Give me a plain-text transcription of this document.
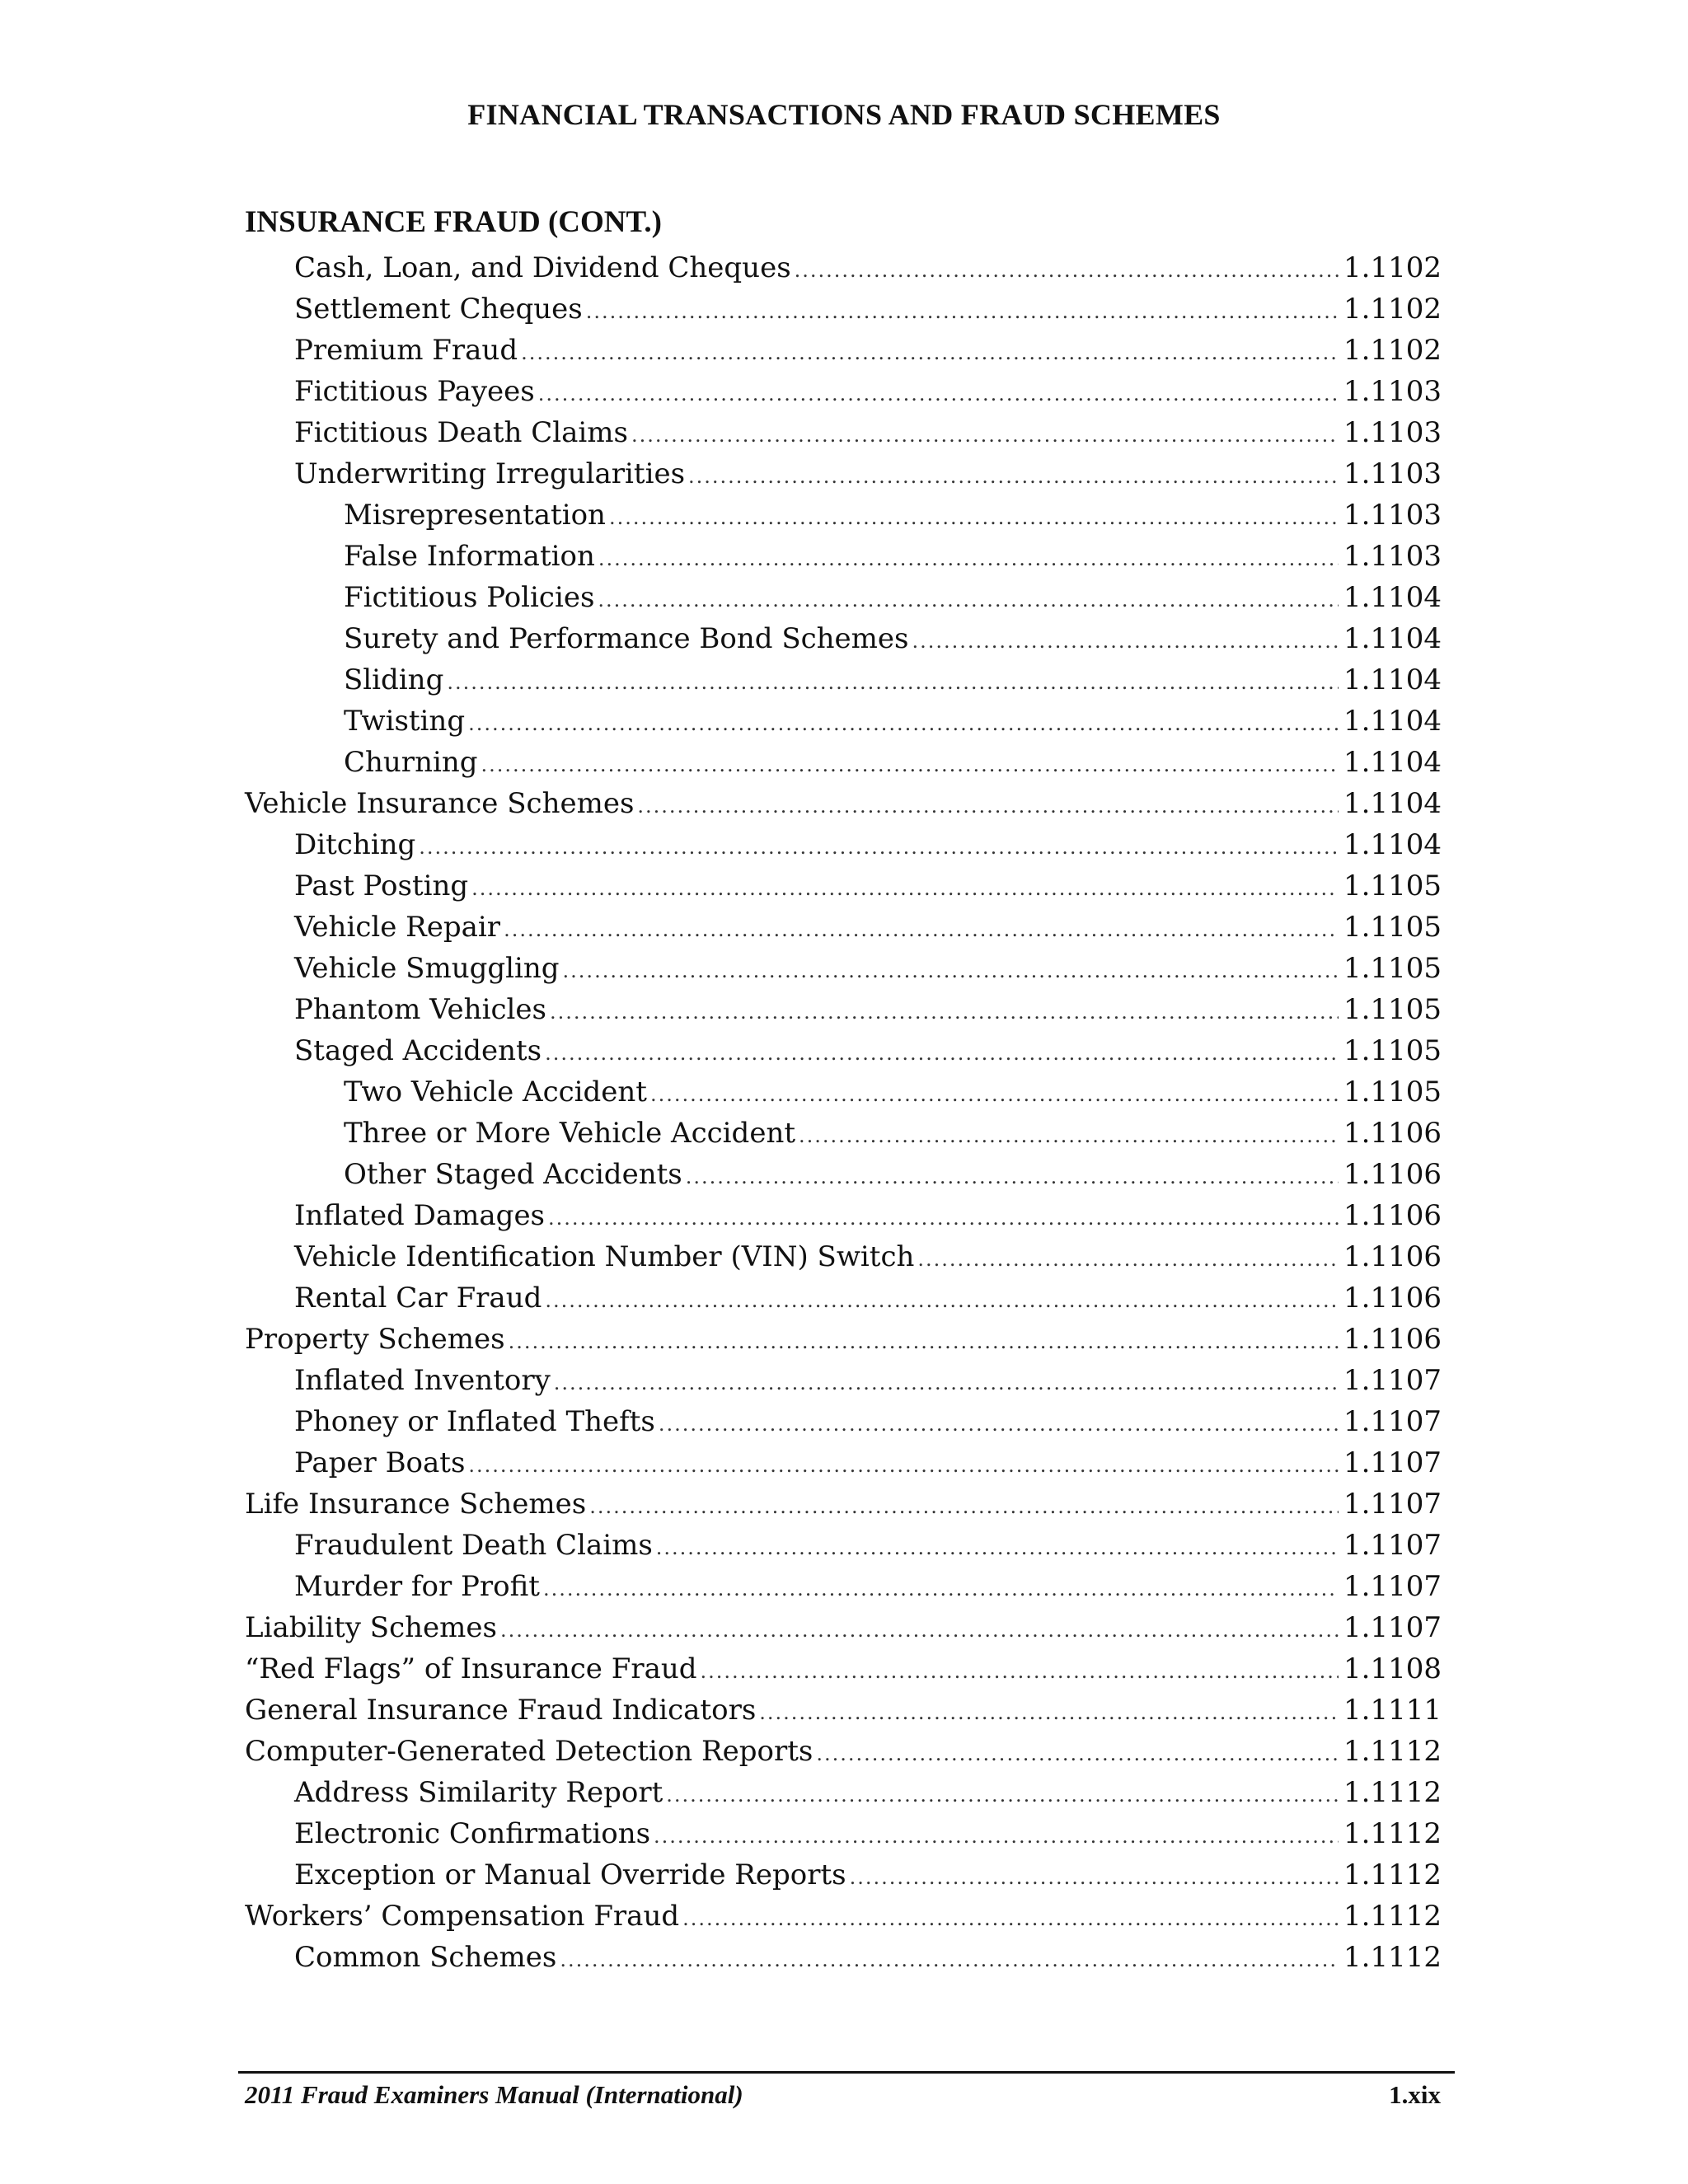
FINANCIAL TRANSACTIONS AND FRAUD SCHEMES
INSURANCE FRAUD (CONT.)
Cash, Loan, and Dividend Cheques .....	1.1102
Settlement Cheques .....	1.1102
Premium Fraud .....	1.1102
Fictitious Payees .....	1.1103
Fictitious Death Claims .....	1.1103
Underwriting Irregularities .....	1.1103
Misrepresentation .....	1.1103
False Information .....	1.1103
Fictitious Policies .....	1.1104
Surety and Performance Bond Schemes .....	1.1104
Sliding .....	1.1104
Twisting .....	1.1104
Churning .....	1.1104
Vehicle Insurance Schemes .....	1.1104
Ditching .....	1.1104
Past Posting .....	1.1105
Vehicle Repair .....	1.1105
Vehicle Smuggling .....	1.1105
Phantom Vehicles .....	1.1105
Staged Accidents .....	1.1105
Two Vehicle Accident .....	1.1105
Three or More Vehicle Accident .....	1.1106
Other Staged Accidents .....	1.1106
Inflated Damages .....	1.1106
Vehicle Identification Number (VIN) Switch .....	1.1106
Rental Car Fraud .....	1.1106
Property Schemes .....	1.1106
Inflated Inventory .....	1.1107
Phoney or Inflated Thefts .....	1.1107
Paper Boats .....	1.1107
Life Insurance Schemes .....	1.1107
Fraudulent Death Claims .....	1.1107
Murder for Profit .....	1.1107
Liability Schemes .....	1.1107
“Red Flags” of Insurance Fraud .....	1.1108
General Insurance Fraud Indicators .....	1.1111
Computer-Generated Detection Reports .....	1.1112
Address Similarity Report .....	1.1112
Electronic Confirmations .....	1.1112
Exception or Manual Override Reports .....	1.1112
Workers’ Compensation Fraud .....	1.1112
Common Schemes .....	1.1112
2011 Fraud Examiners Manual (International)	1.xix
